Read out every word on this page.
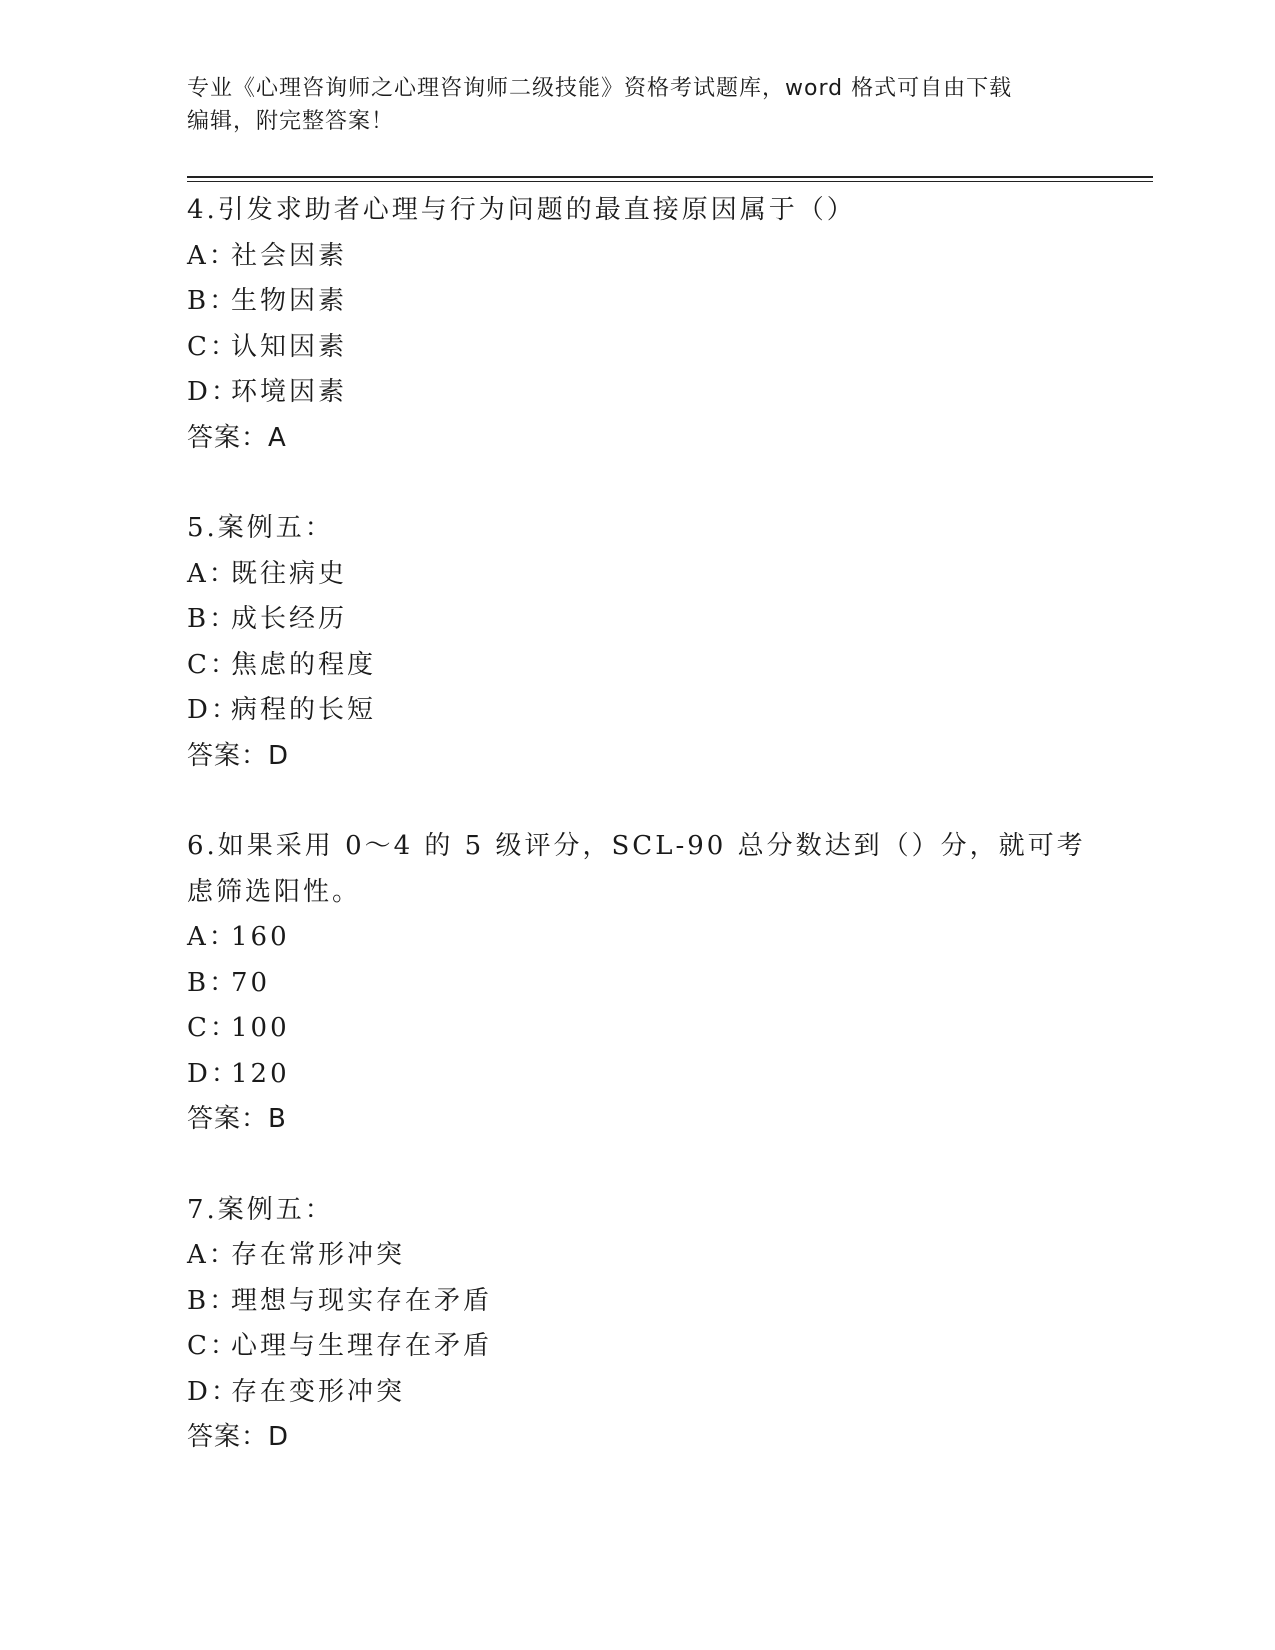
专业《心理咨询师之心理咨询师二级技能》资格考试题库，word 格式可自由下载
编辑，附完整答案！
4.引发求助者心理与行为问题的最直接原因属于（）
A：
社会因素
B：
生物因素
C：
认知因素
D：
环境因素
答案：A
5.案例五：
A：
既往病史
B：
成长经历
C：
焦虑的程度
D：
病程的长短
答案：D
6.如果采用 0～4 的 5 级评分，SCL-90 总分数达到（）分，就可考虑筛选阳性。
A：
160
B：
70
C：
100
D：
120
答案：B
7.案例五：
A：
存在常形冲突
B：
理想与现实存在矛盾
C：
心理与生理存在矛盾
D：
存在变形冲突
答案：D
